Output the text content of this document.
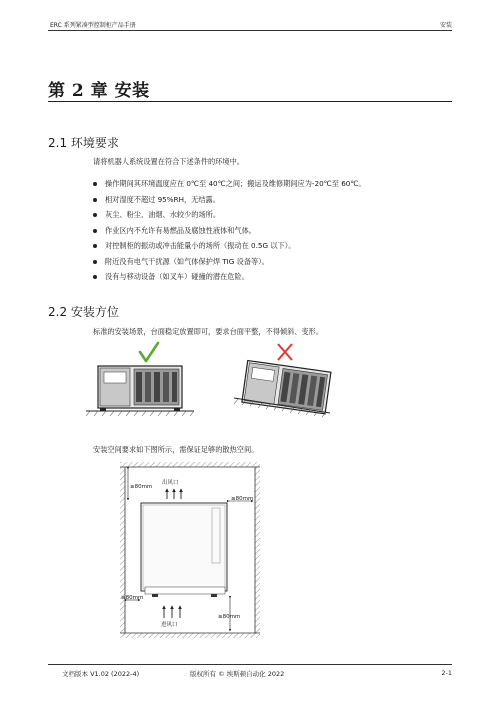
ERC 系列紧凑型控制柜产品手册	安装
第 2 章 安装
2.1 环境要求
请将机器人系统设置在符合下述条件的环境中。
操作期间其环境温度应在 0℃至 40℃之间；搬运及维修期间应为-20℃至 60℃。
相对湿度不超过 95%RH，无结露。
灰尘、粉尘、油烟、水较少的场所。
作业区内不允许有易燃品及腐蚀性液体和气体。
对控制柜的振动或冲击能量小的场所（振动在 0.5G 以下）。
附近没有电气干扰源（如气体保护焊 TIG 设备等）。
没有与移动设备（如叉车）碰撞的潜在危险。
2.2 安装方位
标准的安装场景，台面稳定放置即可，要求台面平整，不得倾斜、变形。
安装空间要求如下图所示，需保证足够的散热空间。
≥80mm
出风口
≥80mm
≥80mm
进风口
≥80mm
文档版本 V1.02 (2022-4)	版权所有 © 埃斯顿自动化 2022	2-1
